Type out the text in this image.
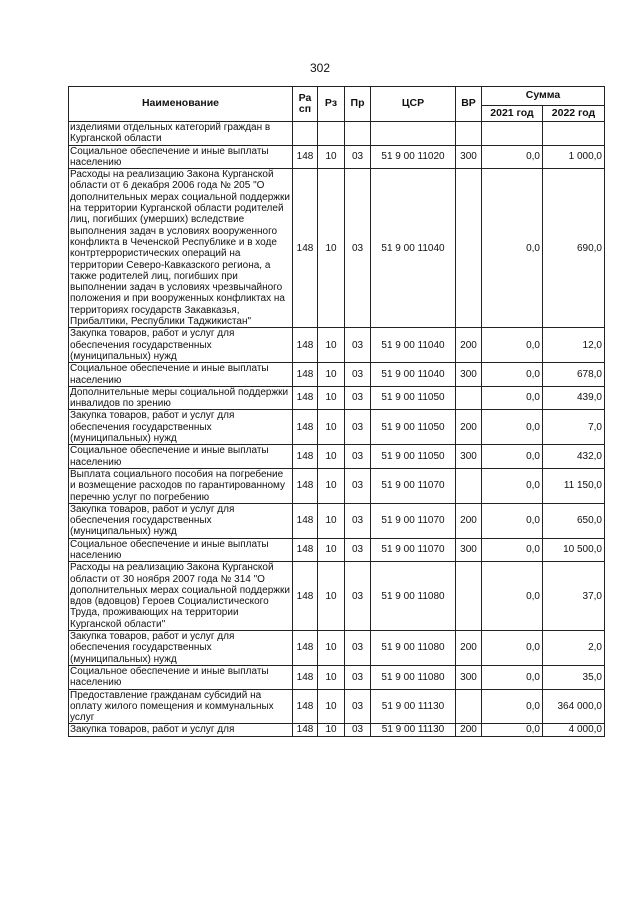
302
Наименование	Ра сп	Рз	Пр	ЦСР	ВР	Сумма	
						2021 год	2022 год
изделиями отдельных категорий граждан в Курганской области							
Социальное обеспечение и иные выплаты населению	148	10	03	51 9 00 11020	300	0,0	1 000,0
Расходы на реализацию Закона Курганской области от 6 декабря 2006 года № 205 "О дополнительных мерах социальной поддержки на территории Курганской области родителей лиц, погибших (умерших) вследствие выполнения задач в условиях вооруженного конфликта в Чеченской Республике и в ходе контртеррористических операций на территории Северо-Кавказского региона, а также родителей лиц, погибших при выполнении задач в условиях чрезвычайного положения и при вооруженных конфликтах на территориях государств Закавказья, Прибалтики, Республики Таджикистан"	148	10	03	51 9 00 11040		0,0	690,0
Закупка товаров, работ и услуг для обеспечения государственных (муниципальных) нужд	148	10	03	51 9 00 11040	200	0,0	12,0
Социальное обеспечение и иные выплаты населению	148	10	03	51 9 00 11040	300	0,0	678,0
Дополнительные меры социальной поддержки инвалидов по зрению	148	10	03	51 9 00 11050		0,0	439,0
Закупка товаров, работ и услуг для обеспечения государственных (муниципальных) нужд	148	10	03	51 9 00 11050	200	0,0	7,0
Социальное обеспечение и иные выплаты населению	148	10	03	51 9 00 11050	300	0,0	432,0
Выплата социального пособия на погребение и возмещение расходов по гарантированному перечню услуг по погребению	148	10	03	51 9 00 11070		0,0	11 150,0
Закупка товаров, работ и услуг для обеспечения государственных (муниципальных) нужд	148	10	03	51 9 00 11070	200	0,0	650,0
Социальное обеспечение и иные выплаты населению	148	10	03	51 9 00 11070	300	0,0	10 500,0
Расходы на реализацию Закона Курганской области от 30 ноября 2007 года № 314 "О дополнительных мерах социальной поддержки вдов (вдовцов) Героев Социалистического Труда, проживающих на территории Курганской области"	148	10	03	51 9 00 11080		0,0	37,0
Закупка товаров, работ и услуг для обеспечения государственных (муниципальных) нужд	148	10	03	51 9 00 11080	200	0,0	2,0
Социальное обеспечение и иные выплаты населению	148	10	03	51 9 00 11080	300	0,0	35,0
Предоставление гражданам субсидий на оплату жилого помещения и коммунальных услуг	148	10	03	51 9 00 11130		0,0	364 000,0
Закупка товаров, работ и услуг для	148	10	03	51 9 00 11130	200	0,0	4 000,0
